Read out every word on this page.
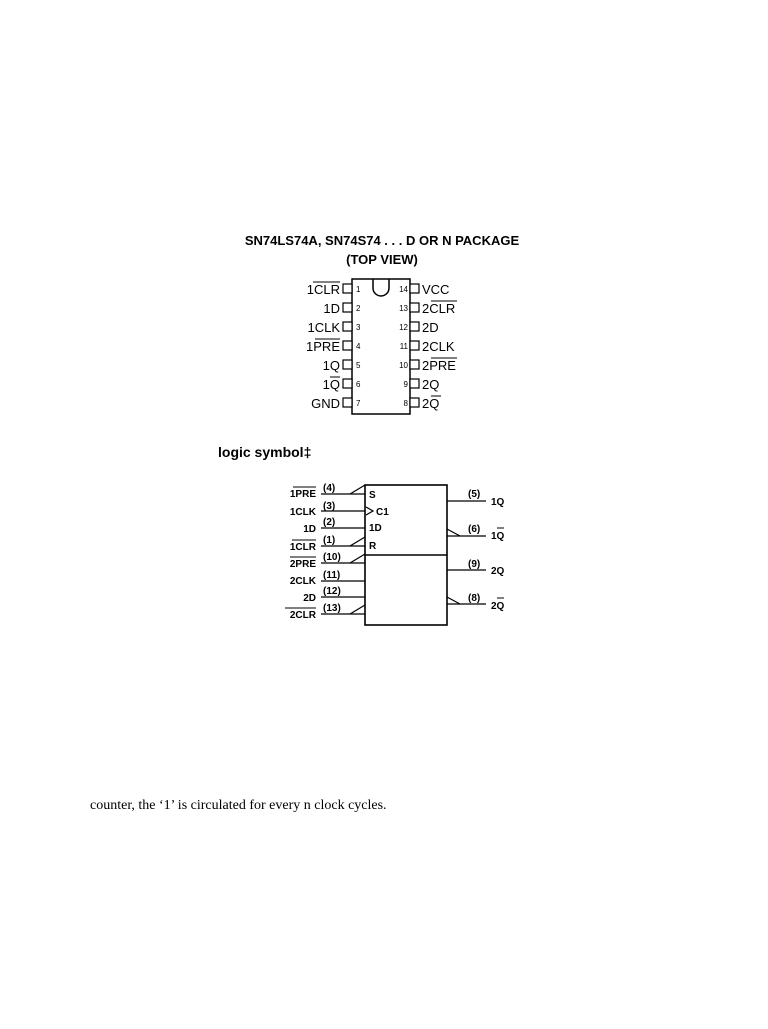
SN74LS74A, SN74S74 . . . D OR N PACKAGE
(TOP VIEW)
1
1CLR
2
1D
3
1CLK
4
1PRE
5
1Q
6
1Q
7
GND
14 VCC
13 2CLR
12 2D
11 2CLK
10 2PRE
9 2Q
8 2Q
logic symbol‡
S
C1
1D
R
1PRE
(4)
1CLK
(3)
1D
(2)
1CLR
(1)
2PRE
(10)
2CLK
(11)
2D
(12)
2CLR
(13)
(5)
1Q
(6)
1Q
(9)
2Q
(8)
2Q
counter, the ‘1’ is circulated for every n clock cycles.
